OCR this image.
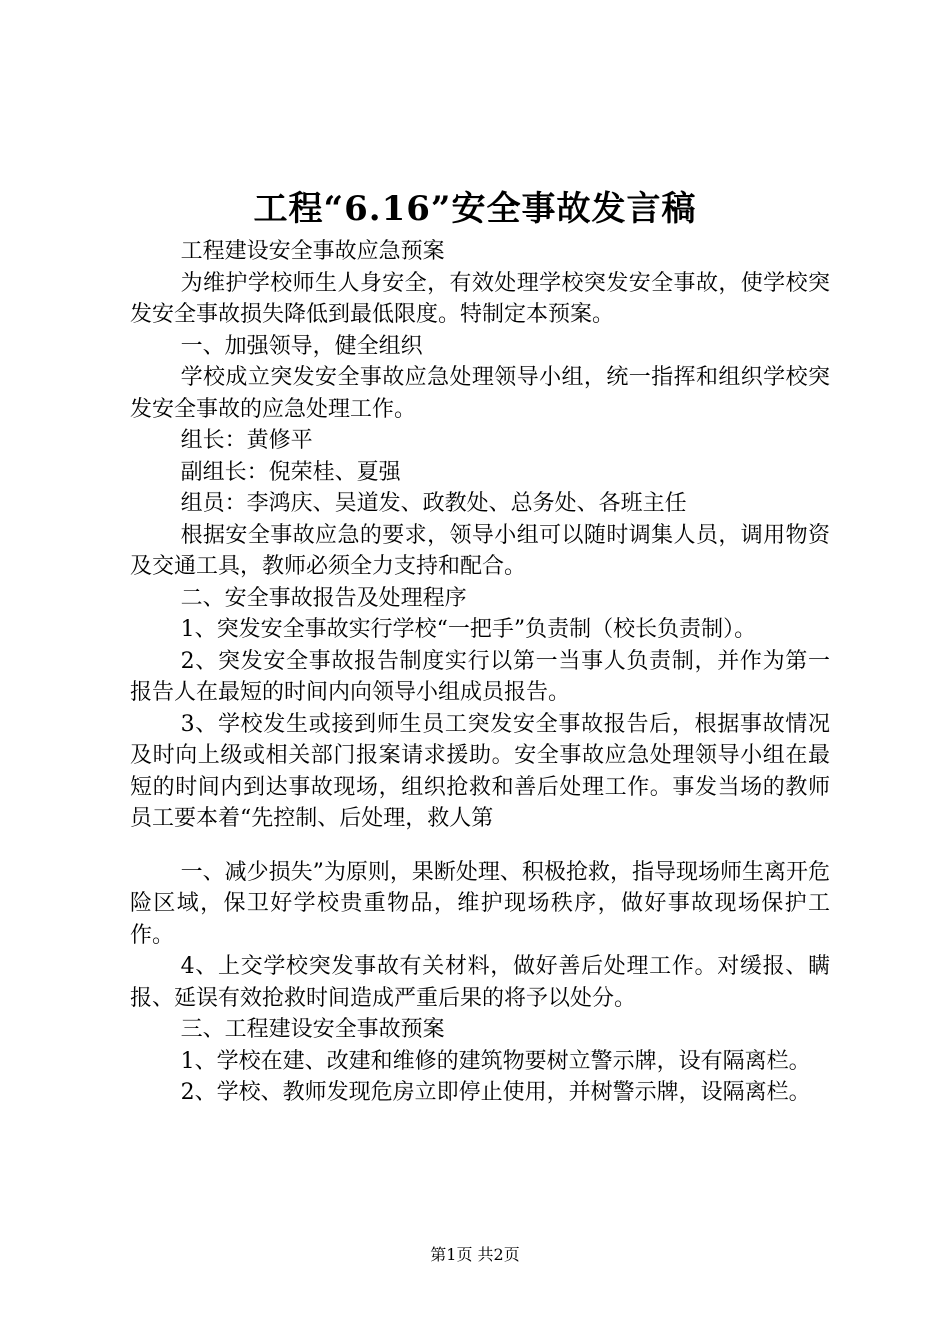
工程“6.16”安全事故发言稿

工程建设安全事故应急预案

为维护学校师生人身安全，有效处理学校突发安全事故，使学校突发安全事故损失降低到最低限度。特制定本预案。

一、加强领导，健全组织

学校成立突发安全事故应急处理领导小组，统一指挥和组织学校突发安全事故的应急处理工作。

组长：黄修平

副组长：倪荣桂、夏强

组员：李鸿庆、吴道发、政教处、总务处、各班主任

根据安全事故应急的要求，领导小组可以随时调集人员，调用物资及交通工具，教师必须全力支持和配合。

二、安全事故报告及处理程序

1、突发安全事故实行学校“一把手”负责制（校长负责制）。

2、突发安全事故报告制度实行以第一当事人负责制，并作为第一报告人在最短的时间内向领导小组成员报告。

3、学校发生或接到师生员工突发安全事故报告后，根据事故情况及时向上级或相关部门报案请求援助。安全事故应急处理领导小组在最短的时间内到达事故现场，组织抢救和善后处理工作。事发当场的教师员工要本着“先控制、后处理，救人第

一、减少损失”为原则，果断处理、积极抢救，指导现场师生离开危险区域，保卫好学校贵重物品，维护现场秩序，做好事故现场保护工作。

4、上交学校突发事故有关材料，做好善后处理工作。对缓报、瞒报、延误有效抢救时间造成严重后果的将予以处分。

三、工程建设安全事故预案

1、学校在建、改建和维修的建筑物要树立警示牌，设有隔离栏。

2、学校、教师发现危房立即停止使用，并树警示牌，设隔离栏。

第1页 共2页
